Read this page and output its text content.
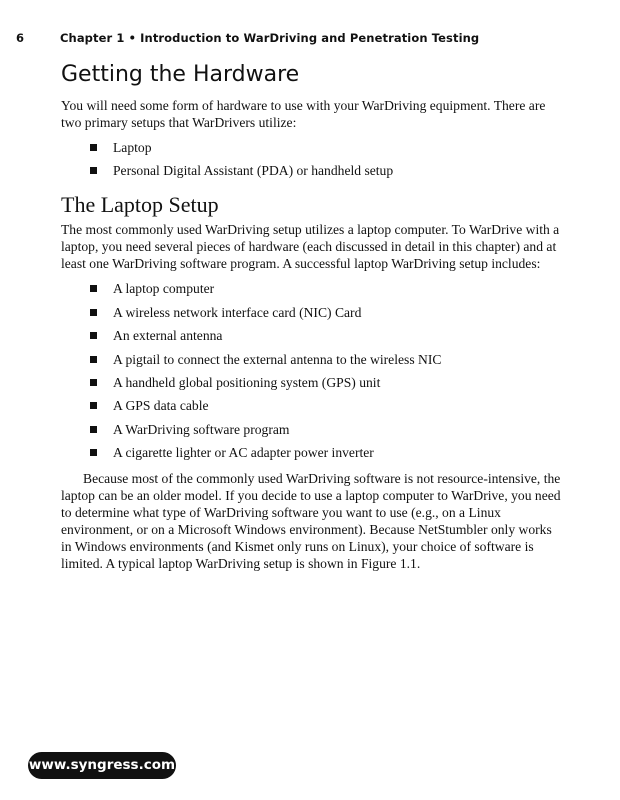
6	Chapter 1 • Introduction to WarDriving and Penetration Testing
Getting the Hardware

You will need some form of hardware to use with your WarDriving equipment. There are two primary setups that WarDrivers utilize:

Laptop
Personal Digital Assistant (PDA) or handheld setup
The Laptop Setup

The most commonly used WarDriving setup utilizes a laptop computer. To WarDrive with a laptop, you need several pieces of hardware (each discussed in detail in this chapter) and at least one WarDriving software program. A successful laptop WarDriving setup includes:

A laptop computer
A wireless network interface card (NIC) Card
An external antenna
A pigtail to connect the external antenna to the wireless NIC
A handheld global positioning system (GPS) unit
A GPS data cable
A WarDriving software program
A cigarette lighter or AC adapter power inverter

Because most of the commonly used WarDriving software is not resource-intensive, the laptop can be an older model. If you decide to use a laptop computer to WarDrive, you need to determine what type of WarDriving software you want to use (e.g., on a Linux environment, or on a Microsoft Windows environment). Because NetStumbler only works in Windows environments (and Kismet only runs on Linux), your choice of software is limited. A typical laptop WarDriving setup is shown in Figure 1.1.

www.syngress.com
